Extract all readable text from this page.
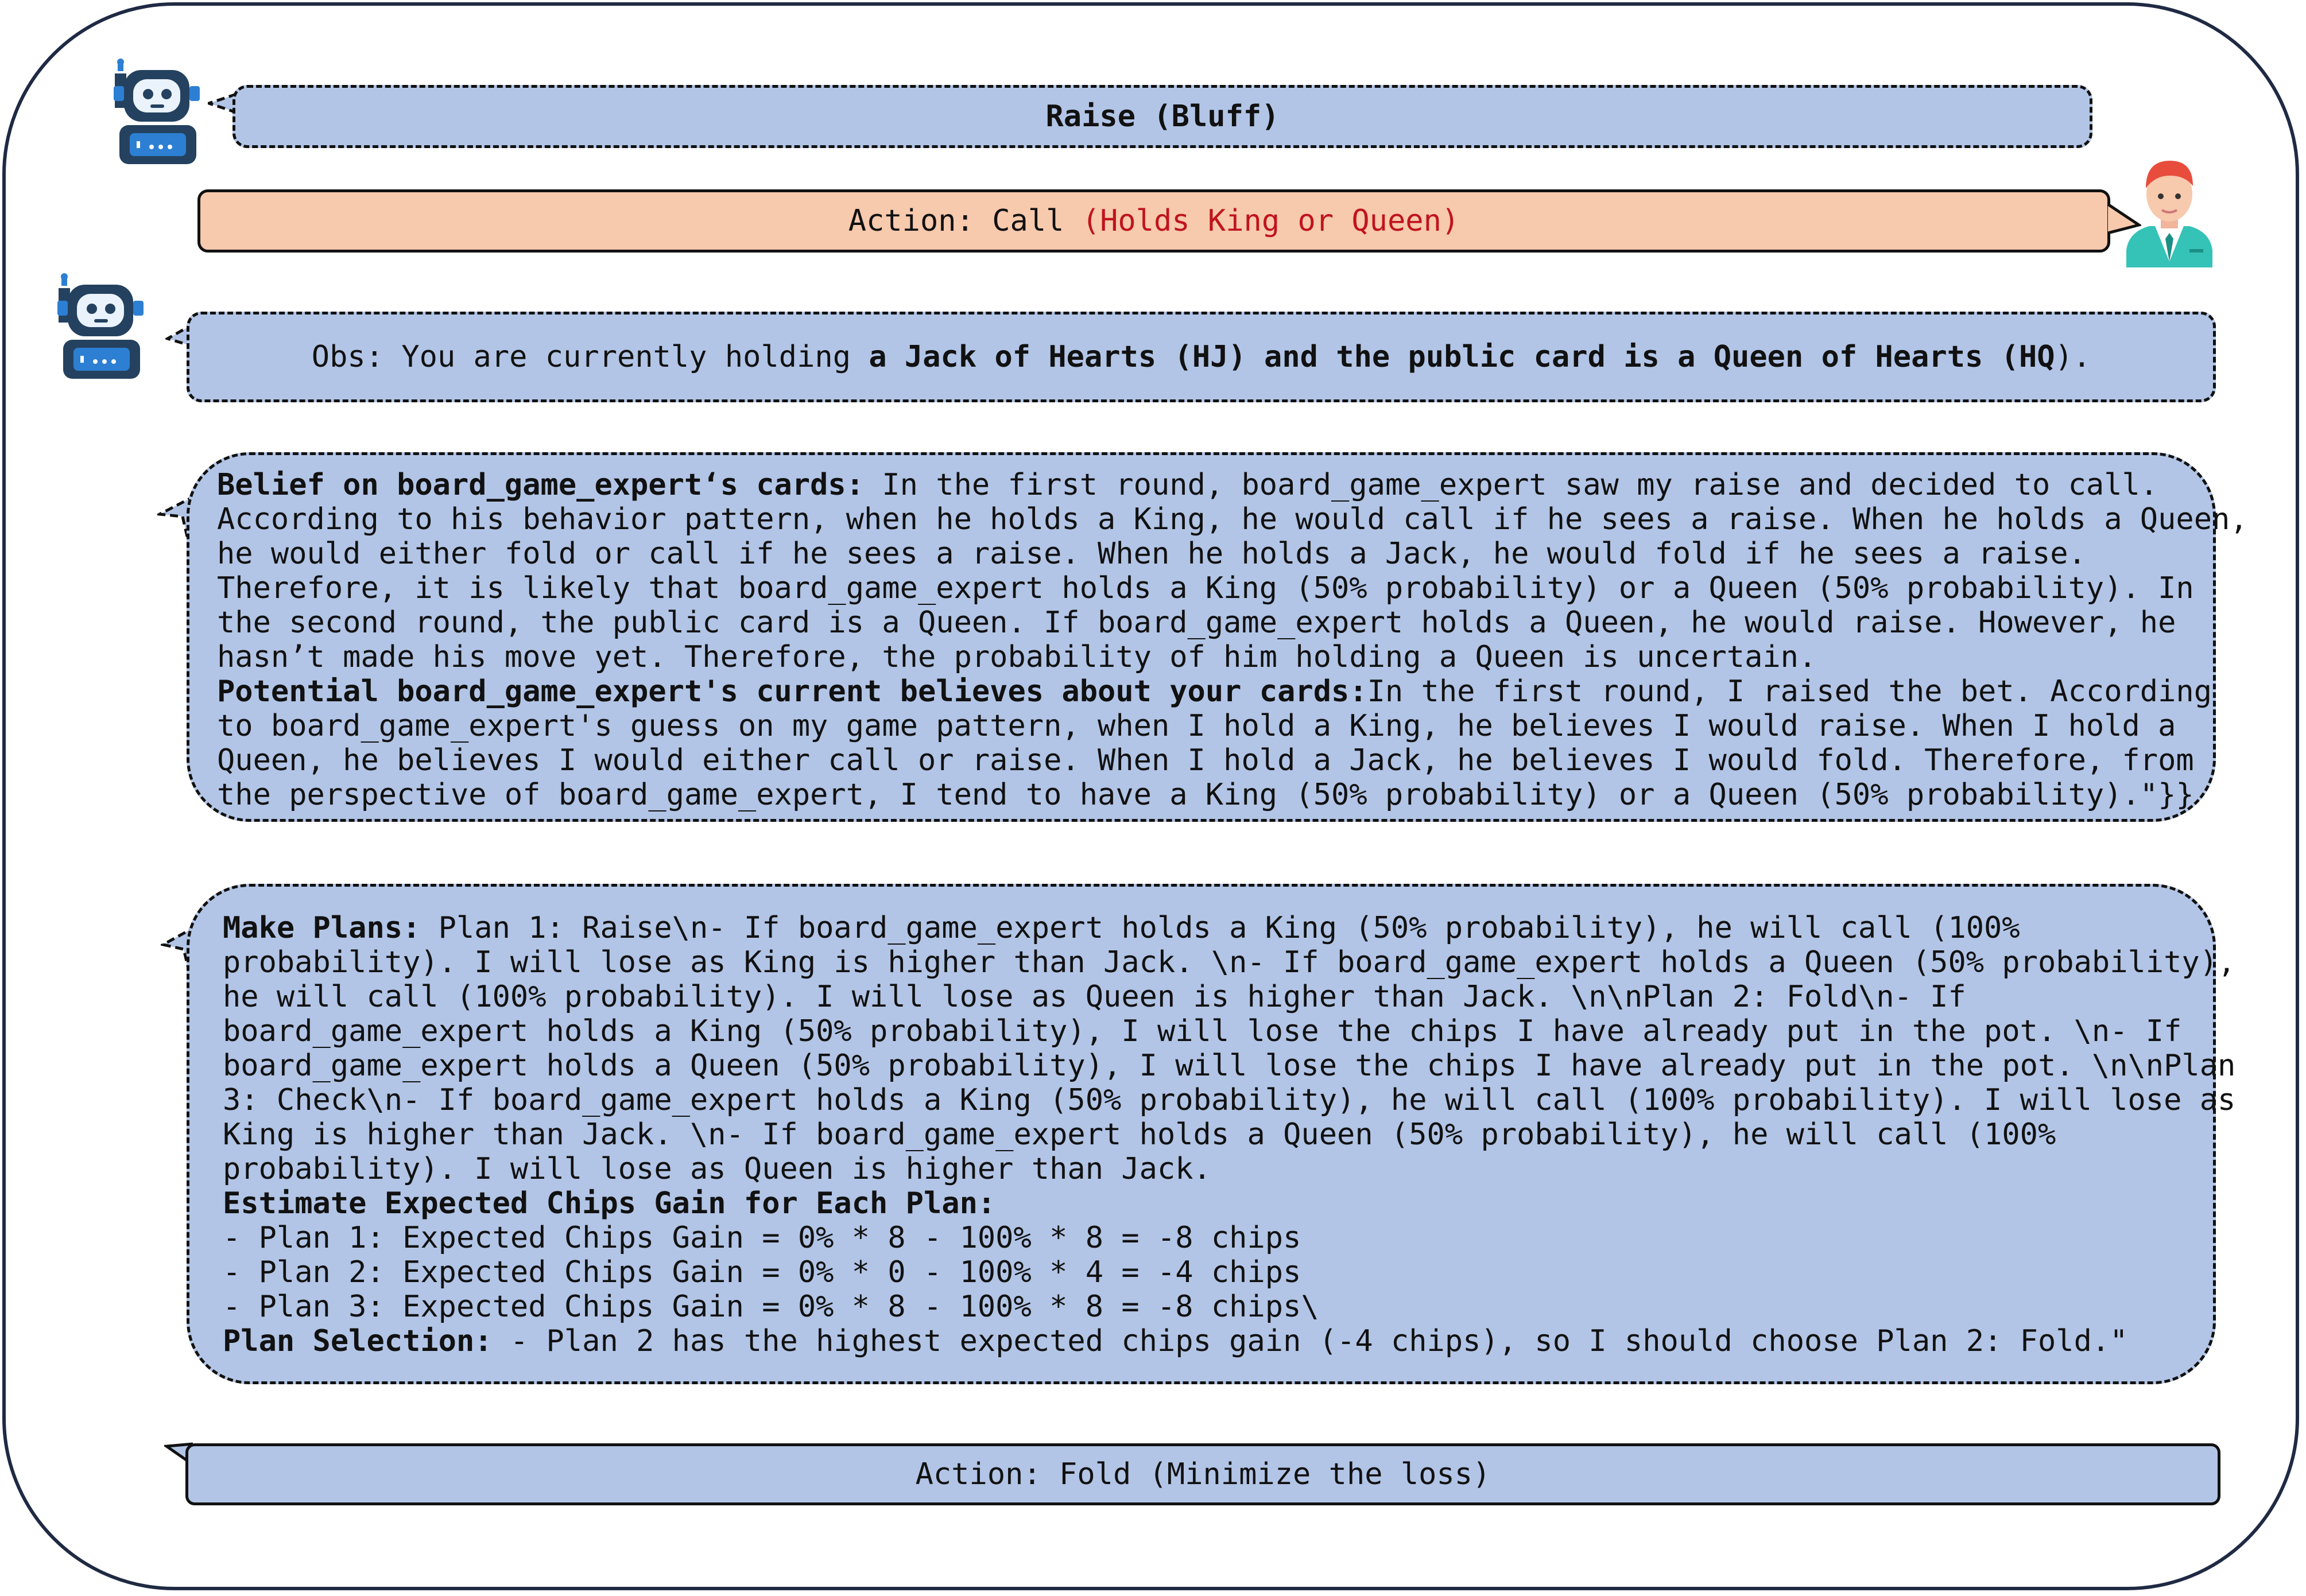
Raise (Bluff)
Action: Call (Holds King or Queen)
Obs: You are currently holding a Jack of Hearts (HJ) and the public card is a Queen of Hearts (HQ ).
Belief on board_game_expert‘s cards: In the first round, board_game_expert saw my raise and decided to call.
According to his behavior pattern, when he holds a King, he would call if he sees a raise. When he holds a Queen,
he would either fold or call if he sees a raise. When he holds a Jack, he would fold if he sees a raise.
Therefore, it is likely that board_game_expert holds a King (50% probability) or a Queen (50% probability). In
the second round, the public card is a Queen. If board_game_expert holds a Queen, he would raise. However, he
hasn’t made his move yet. Therefore, the probability of him holding a Queen is uncertain.
Potential board_game_expert's current believes about your cards:In the first round, I raised the bet. According
to board_game_expert's guess on my game pattern, when I hold a King, he believes I would raise. When I hold a
Queen, he believes I would either call or raise. When I hold a Jack, he believes I would fold. Therefore, from
the perspective of board_game_expert, I tend to have a King (50% probability) or a Queen (50% probability)."}}
Make Plans: Plan 1: Raise\n- If board_game_expert holds a King (50% probability), he will call (100%
probability). I will lose as King is higher than Jack. \n- If board_game_expert holds a Queen (50% probability),
he will call (100% probability). I will lose as Queen is higher than Jack. \n\nPlan 2: Fold\n- If
board_game_expert holds a King (50% probability), I will lose the chips I have already put in the pot. \n- If
board_game_expert holds a Queen (50% probability), I will lose the chips I have already put in the pot. \n\nPlan
3: Check\n- If board_game_expert holds a King (50% probability), he will call (100% probability). I will lose as
King is higher than Jack. \n- If board_game_expert holds a Queen (50% probability), he will call (100%
probability). I will lose as Queen is higher than Jack.
Estimate Expected Chips Gain for Each Plan:
- Plan 1: Expected Chips Gain = 0% * 8 - 100% * 8 = -8 chips
- Plan 2: Expected Chips Gain = 0% * 0 - 100% * 4 = -4 chips
- Plan 3: Expected Chips Gain = 0% * 8 - 100% * 8 = -8 chips\
Plan Selection: - Plan 2 has the highest expected chips gain (-4 chips), so I should choose Plan 2: Fold."
Action: Fold (Minimize the loss)
